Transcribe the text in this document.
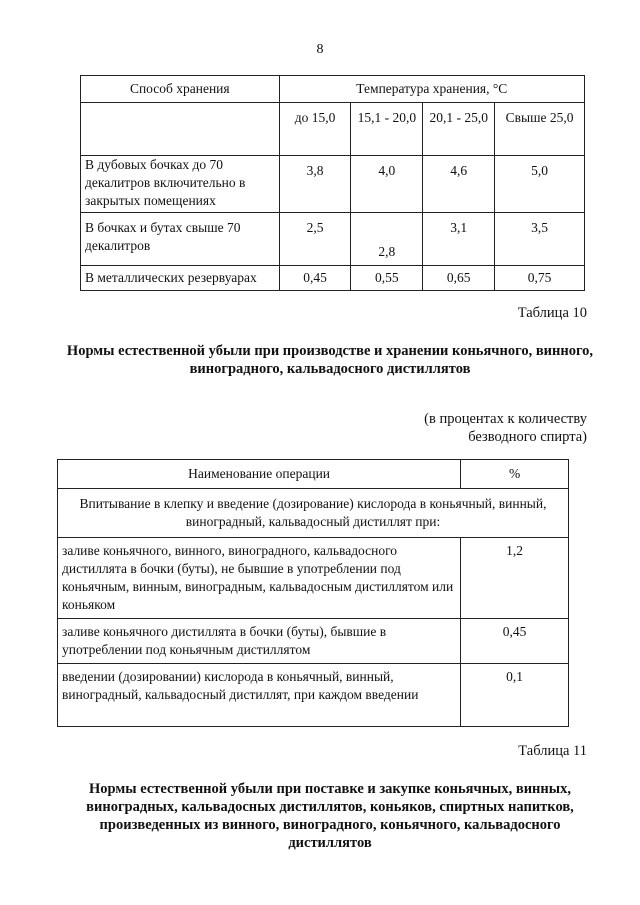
8
Способ хранения	Температура хранения, °С			
	до 15,0	15,1 - 20,0	20,1 - 25,0	Свыше 25,0
В дубовых бочках до 70 декалитров включительно в закрытых помещениях	3,8	4,0	4,6	5,0
В бочках и бутах свыше 70 декалитров	2,5	2,8	3,1	3,5
В металлических резервуарах	0,45	0,55	0,65	0,75
Таблица 10
Нормы естественной убыли при производстве и хранении коньячного, винного, виноградного, кальвадосного дистиллятов
(в процентах к количеству безводного спирта)
Наименование операции	%
Впитывание в клепку и введение (дозирование) кислорода в коньячный, винный, виноградный, кальвадосный дистиллят при:	
заливе коньячного, винного, виноградного, кальвадосного дистиллята в бочки (буты), не бывшие в употреблении под коньячным, винным, виноградным, кальвадосным дистиллятом или коньяком	1,2
заливе коньячного дистиллята в бочки (буты), бывшие в употреблении под коньячным дистиллятом	0,45
введении (дозировании) кислорода в коньячный, винный, виноградный, кальвадосный дистиллят, при каждом введении	0,1
Таблица 11
Нормы естественной убыли при поставке и закупке коньячных, винных, виноградных, кальвадосных дистиллятов, коньяков, спиртных напитков, произведенных из винного, виноградного, коньячного, кальвадосного дистиллятов
